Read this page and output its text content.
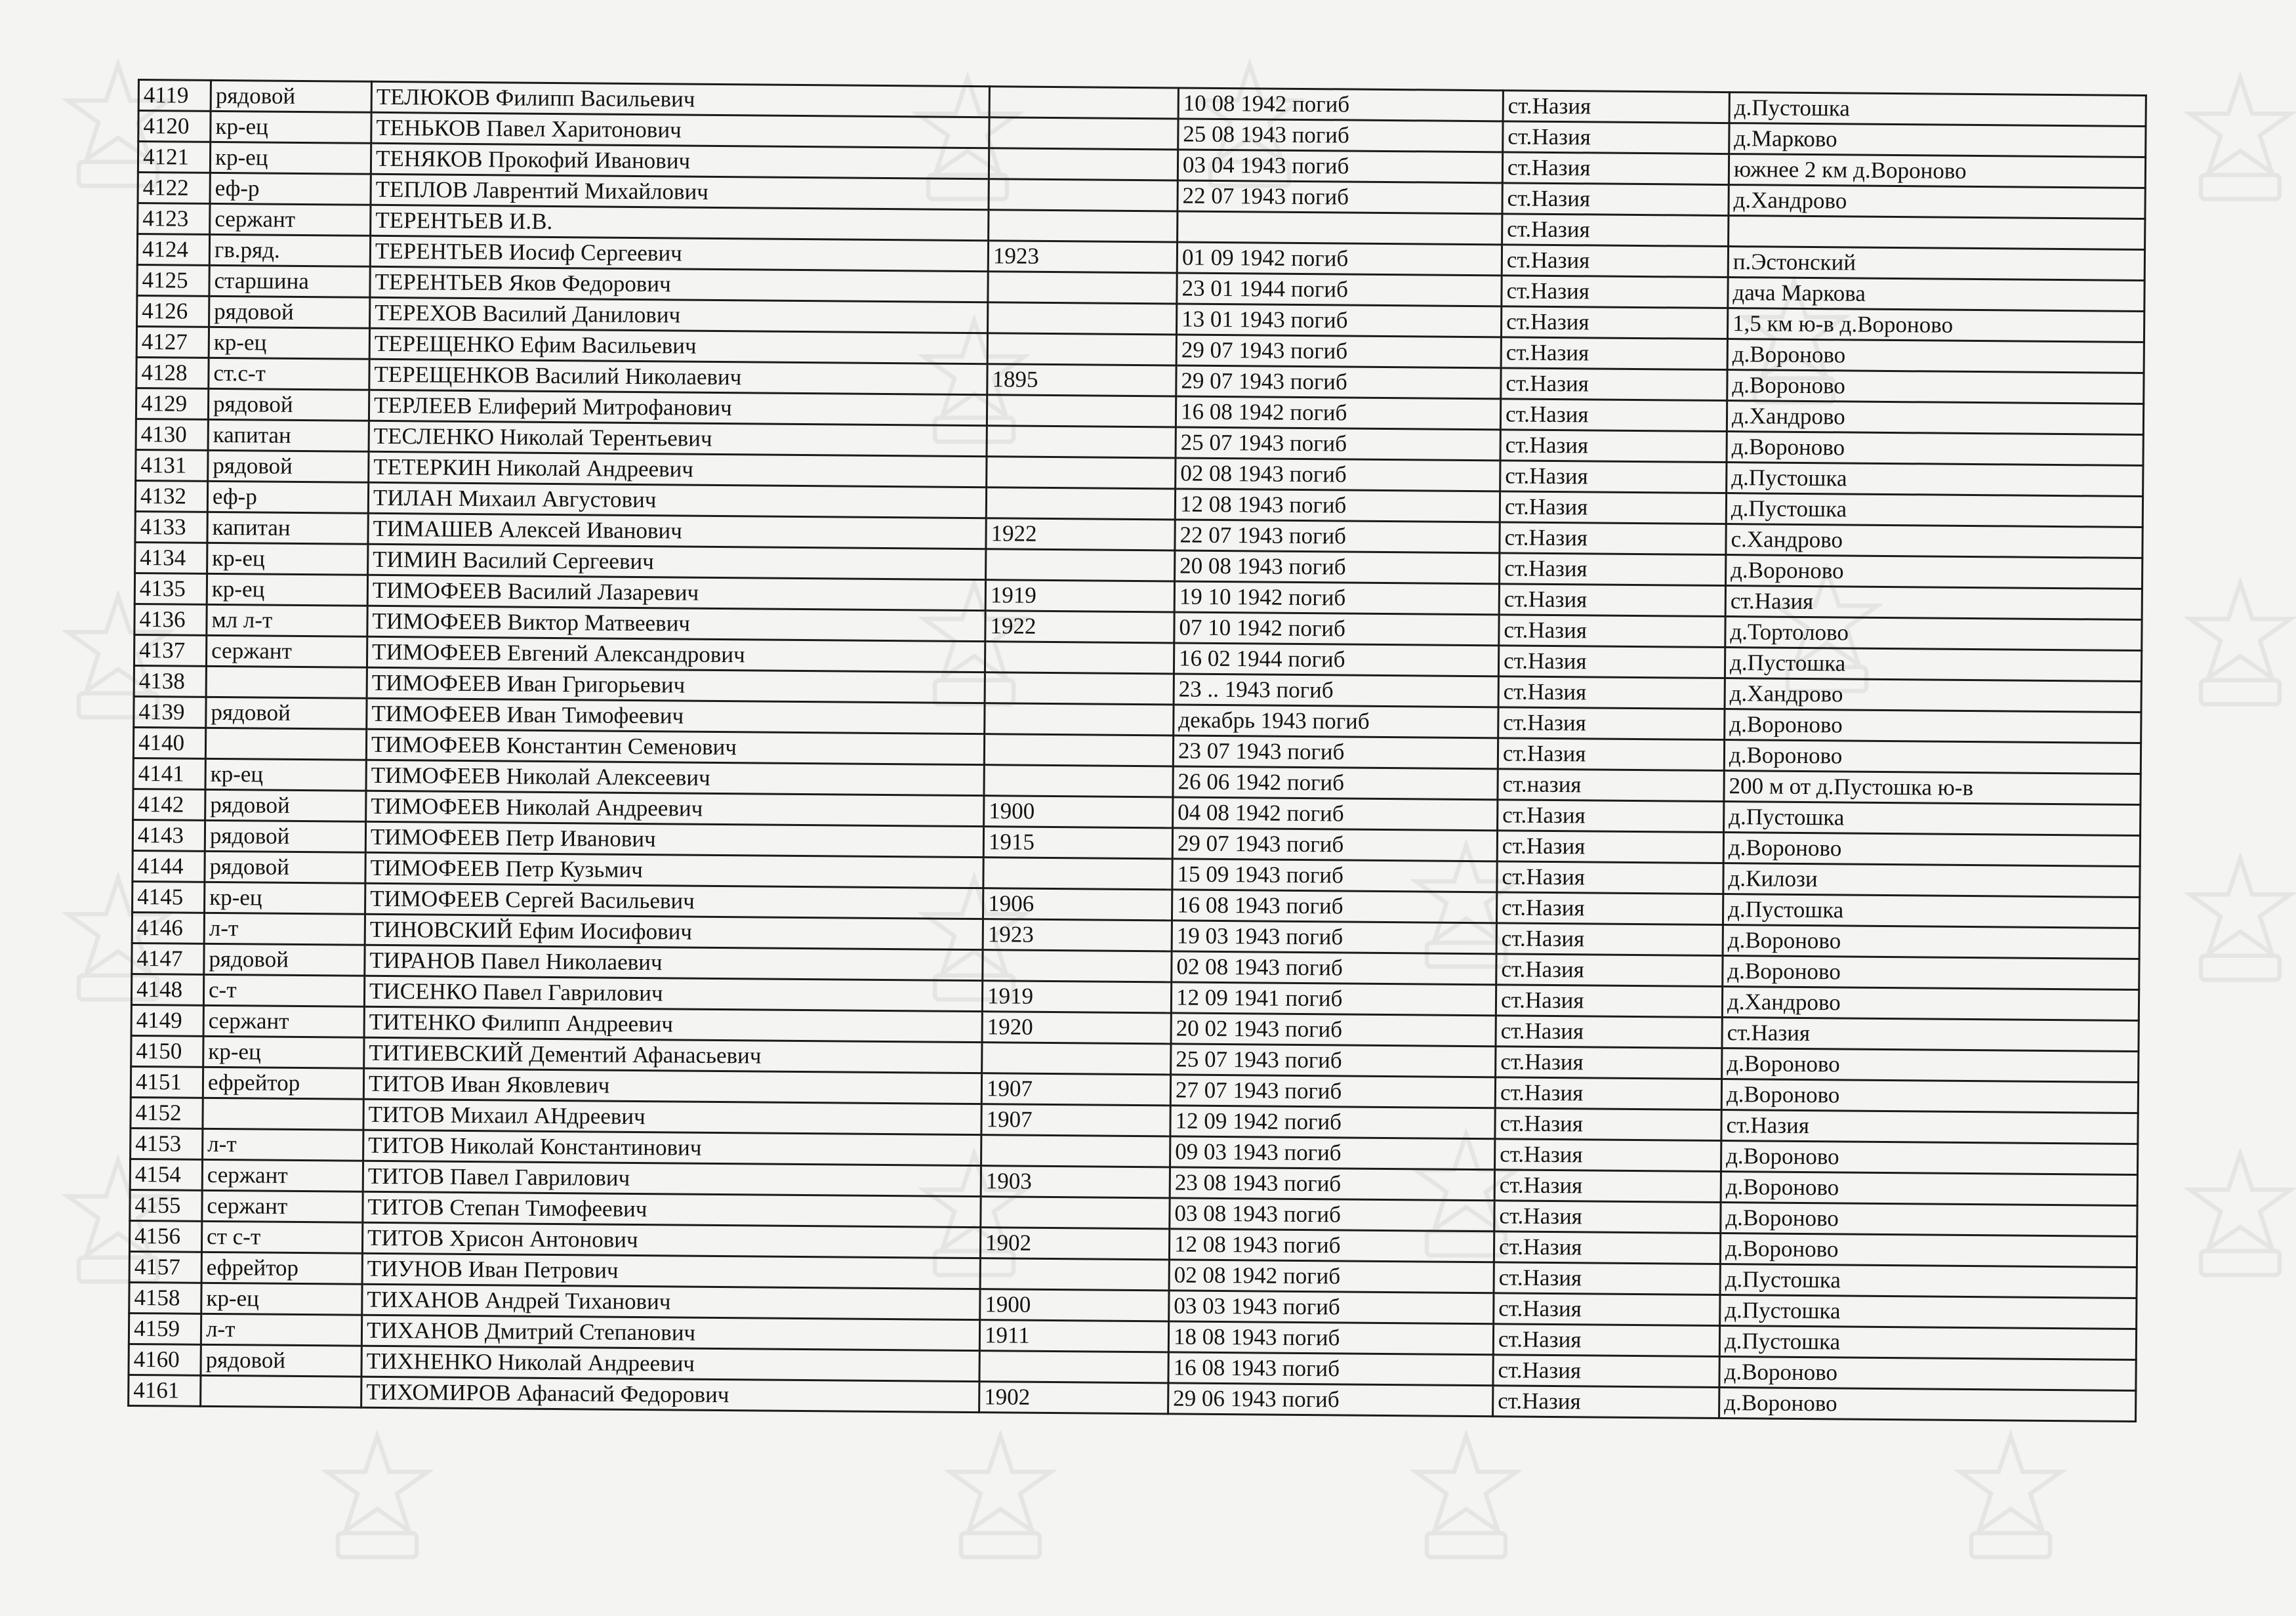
4119	рядовой	ТЕЛЮКОВ Филипп Васильевич		10 08 1942 погиб	ст.Назия	д.Пустошка
4120	кр-ец	ТЕНЬКОВ Павел Харитонович		25 08 1943 погиб	ст.Назия	д.Марково
4121	кр-ец	ТЕНЯКОВ Прокофий Иванович		03 04 1943 погиб	ст.Назия	южнее 2 км д.Вороново
4122	еф-р	ТЕПЛОВ Лаврентий Михайлович		22 07 1943 погиб	ст.Назия	д.Хандрово
4123	сержант	ТЕРЕНТЬЕВ И.В.			ст.Назия	
4124	гв.ряд.	ТЕРЕНТЬЕВ Иосиф Сергеевич	1923	01 09 1942 погиб	ст.Назия	п.Эстонский
4125	старшина	ТЕРЕНТЬЕВ Яков Федорович		23 01 1944 погиб	ст.Назия	дача Маркова
4126	рядовой	ТЕРЕХОВ Василий Данилович		13 01 1943 погиб	ст.Назия	1,5 км ю-в д.Вороново
4127	кр-ец	ТЕРЕЩЕНКО Ефим Васильевич		29 07 1943 погиб	ст.Назия	д.Вороново
4128	ст.с-т	ТЕРЕЩЕНКОВ Василий Николаевич	1895	29 07 1943 погиб	ст.Назия	д.Вороново
4129	рядовой	ТЕРЛЕЕВ Елиферий Митрофанович		16 08 1942 погиб	ст.Назия	д.Хандрово
4130	капитан	ТЕСЛЕНКО Николай Терентьевич		25 07 1943 погиб	ст.Назия	д.Вороново
4131	рядовой	ТЕТЕРКИН Николай Андреевич		02 08 1943 погиб	ст.Назия	д.Пустошка
4132	еф-р	ТИЛАН Михаил Августович		12 08 1943 погиб	ст.Назия	д.Пустошка
4133	капитан	ТИМАШЕВ Алексей Иванович	1922	22 07 1943 погиб	ст.Назия	с.Хандрово
4134	кр-ец	ТИМИН Василий Сергеевич		20 08 1943 погиб	ст.Назия	д.Вороново
4135	кр-ец	ТИМОФЕЕВ Василий Лазаревич	1919	19 10 1942 погиб	ст.Назия	ст.Назия
4136	мл л-т	ТИМОФЕЕВ Виктор Матвеевич	1922	07 10 1942 погиб	ст.Назия	д.Тортолово
4137	сержант	ТИМОФЕЕВ Евгений Александрович		16 02 1944 погиб	ст.Назия	д.Пустошка
4138		ТИМОФЕЕВ Иван Григорьевич		23 .. 1943 погиб	ст.Назия	д.Хандрово
4139	рядовой	ТИМОФЕЕВ Иван Тимофеевич		декабрь 1943 погиб	ст.Назия	д.Вороново
4140		ТИМОФЕЕВ Константин Семенович		23 07 1943 погиб	ст.Назия	д.Вороново
4141	кр-ец	ТИМОФЕЕВ Николай Алексеевич		26 06 1942 погиб	ст.назия	200 м от д.Пустошка ю-в
4142	рядовой	ТИМОФЕЕВ Николай Андреевич	1900	04 08 1942 погиб	ст.Назия	д.Пустошка
4143	рядовой	ТИМОФЕЕВ Петр Иванович	1915	29 07 1943 погиб	ст.Назия	д.Вороново
4144	рядовой	ТИМОФЕЕВ Петр Кузьмич		15 09 1943 погиб	ст.Назия	д.Килози
4145	кр-ец	ТИМОФЕЕВ Сергей Васильевич	1906	16 08 1943 погиб	ст.Назия	д.Пустошка
4146	л-т	ТИНОВСКИЙ Ефим Иосифович	1923	19 03 1943 погиб	ст.Назия	д.Вороново
4147	рядовой	ТИРАНОВ Павел Николаевич		02 08 1943 погиб	ст.Назия	д.Вороново
4148	с-т	ТИСЕНКО Павел Гаврилович	1919	12 09 1941 погиб	ст.Назия	д.Хандрово
4149	сержант	ТИТЕНКО Филипп Андреевич	1920	20 02 1943 погиб	ст.Назия	ст.Назия
4150	кр-ец	ТИТИЕВСКИЙ Дементий Афанасьевич		25 07 1943 погиб	ст.Назия	д.Вороново
4151	ефрейтор	ТИТОВ Иван Яковлевич	1907	27 07 1943 погиб	ст.Назия	д.Вороново
4152		ТИТОВ Михаил АНдреевич	1907	12 09 1942 погиб	ст.Назия	ст.Назия
4153	л-т	ТИТОВ Николай Константинович		09 03 1943 погиб	ст.Назия	д.Вороново
4154	сержант	ТИТОВ Павел Гаврилович	1903	23 08 1943 погиб	ст.Назия	д.Вороново
4155	сержант	ТИТОВ Степан Тимофеевич		03 08 1943 погиб	ст.Назия	д.Вороново
4156	ст с-т	ТИТОВ Хрисон Антонович	1902	12 08 1943 погиб	ст.Назия	д.Вороново
4157	ефрейтор	ТИУНОВ Иван Петрович		02 08 1942 погиб	ст.Назия	д.Пустошка
4158	кр-ец	ТИХАНОВ Андрей Тиханович	1900	03 03 1943 погиб	ст.Назия	д.Пустошка
4159	л-т	ТИХАНОВ Дмитрий Степанович	1911	18 08 1943 погиб	ст.Назия	д.Пустошка
4160	рядовой	ТИХНЕНКО Николай Андреевич		16 08 1943 погиб	ст.Назия	д.Вороново
4161		ТИХОМИРОВ Афанасий Федорович	1902	29 06 1943 погиб	ст.Назия	д.Вороново
